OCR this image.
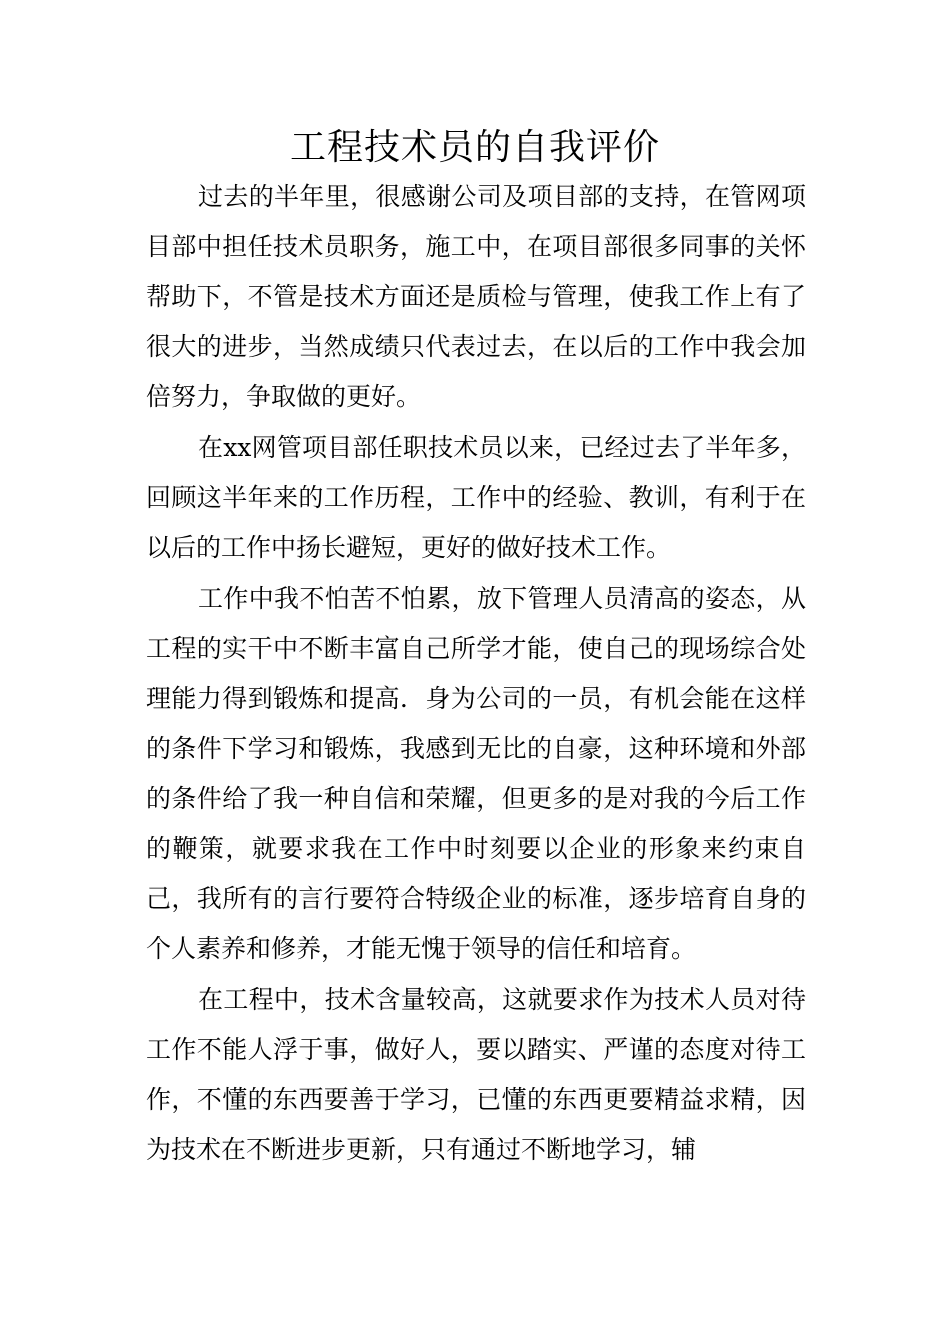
工程技术员的自我评价

过去的半年里，很感谢公司及项目部的支持，在管网项目部中担任技术员职务，施工中，在项目部很多同事的关怀帮助下，不管是技术方面还是质检与管理，使我工作上有了很大的进步，当然成绩只代表过去，在以后的工作中我会加倍努力，争取做的更好。

在xx网管项目部任职技术员以来，已经过去了半年多，回顾这半年来的工作历程，工作中的经验、教训，有利于在以后的工作中扬长避短，更好的做好技术工作。

工作中我不怕苦不怕累，放下管理人员清高的姿态，从工程的实干中不断丰富自己所学才能，使自己的现场综合处理能力得到锻炼和提高．身为公司的一员，有机会能在这样的条件下学习和锻炼，我感到无比的自豪，这种环境和外部的条件给了我一种自信和荣耀，但更多的是对我的今后工作的鞭策，就要求我在工作中时刻要以企业的形象来约束自己，我所有的言行要符合特级企业的标准，逐步培育自身的个人素养和修养，才能无愧于领导的信任和培育。

在工程中，技术含量较高，这就要求作为技术人员对待工作不能人浮于事，做好人，要以踏实、严谨的态度对待工作，不懂的东西要善于学习，已懂的东西更要精益求精，因为技术在不断进步更新，只有通过不断地学习，辅
